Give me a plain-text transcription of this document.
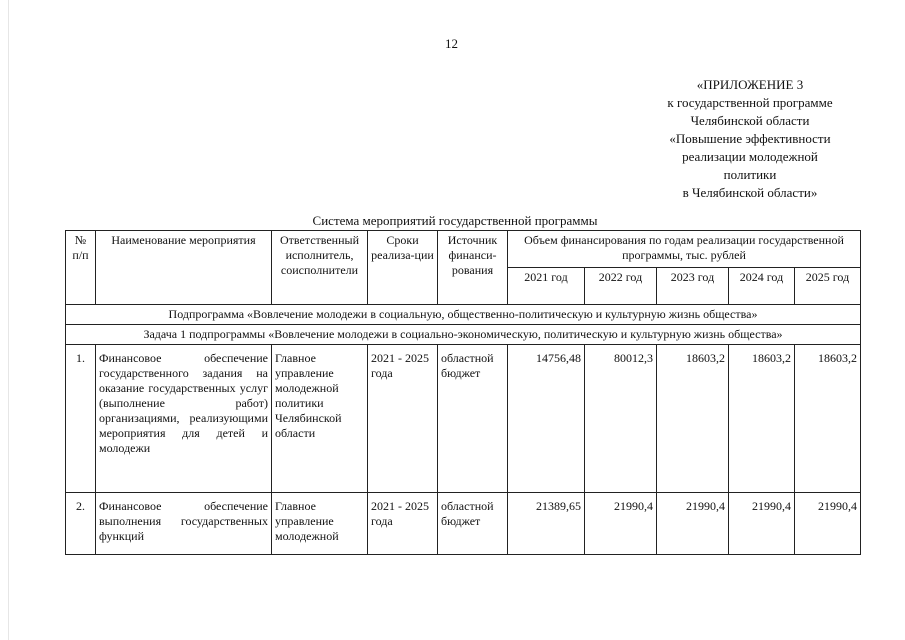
12
«ПРИЛОЖЕНИЕ 3
к государственной программе
Челябинской области
«Повышение эффективности
реализации молодежной
политики
в Челябинской области»
Система мероприятий государственной программы
№ п/п	Наименование мероприятия	Ответственный исполнитель, соисполнители	Сроки реализа-ции	Источник финанси-рования	Объем финансирования по годам реализации государственной программы, тыс. рублей				
					2021 год	2022 год	2023 год	2024 год	2025 год
Подпрограмма «Вовлечение молодежи в социальную, общественно-политическую и культурную жизнь общества»									
Задача 1 подпрограммы «Вовлечение молодежи в социально-экономическую, политическую и культурную жизнь общества»									
1.	Финансовое обеспечение государственного задания на оказание государственных услуг (выполнение работ) организациями, реализующими мероприятия для детей и молодежи	Главное управление молодежной политики Челябинской области	2021 - 2025 года	областной бюджет	14756,48	80012,3	18603,2	18603,2	18603,2
2.	Финансовое обеспечение выполнения государственных функций	Главное управление молодежной	2021 - 2025 года	областной бюджет	21389,65	21990,4	21990,4	21990,4	21990,4
